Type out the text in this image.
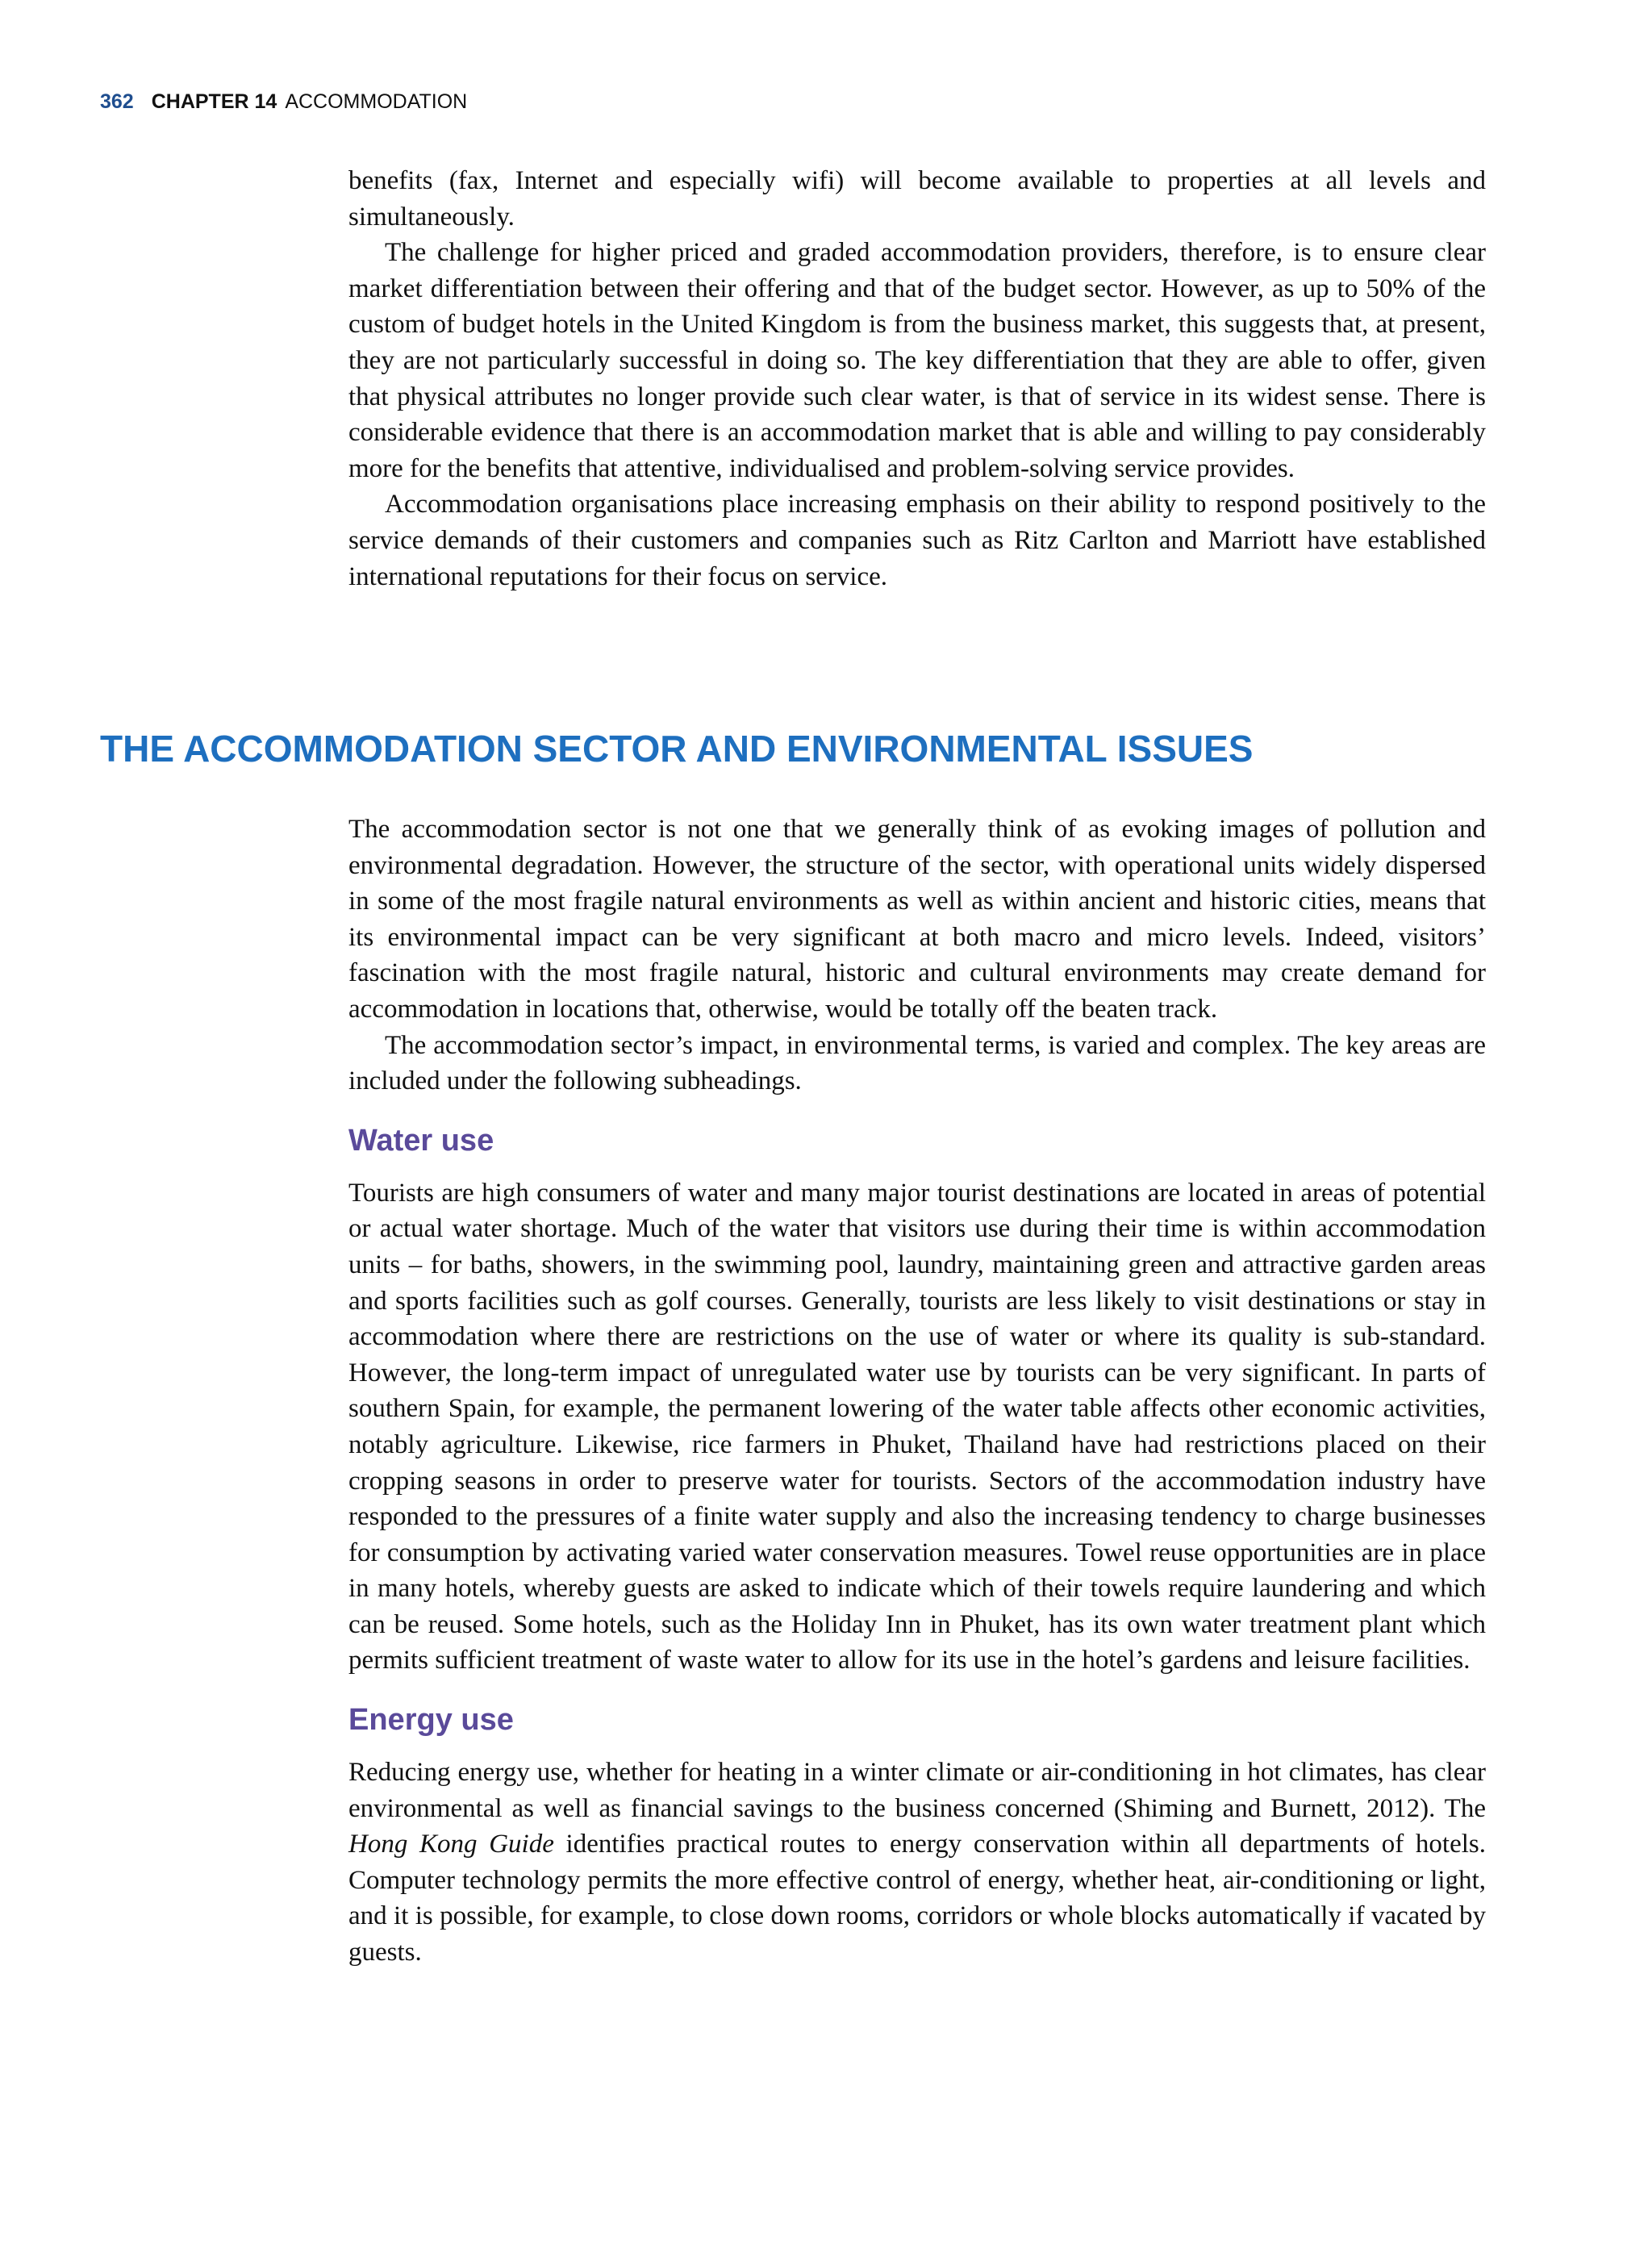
362 CHAPTER 14 ACCOMMODATION

benefits (fax, Internet and especially wifi) will become available to properties at all levels and simultaneously.

The challenge for higher priced and graded accommodation providers, therefore, is to ensure clear market differentiation between their offering and that of the budget sector. However, as up to 50% of the custom of budget hotels in the United Kingdom is from the business market, this suggests that, at present, they are not particularly successful in doing so. The key differentiation that they are able to offer, given that physical attributes no longer provide such clear water, is that of service in its widest sense. There is considerable evidence that there is an accommodation market that is able and willing to pay considerably more for the benefits that attentive, individualised and problem-solving service provides.

Accommodation organisations place increasing emphasis on their ability to respond positively to the service demands of their customers and companies such as Ritz Carlton and Marriott have established international reputations for their focus on service.

THE ACCOMMODATION SECTOR AND ENVIRONMENTAL ISSUES

The accommodation sector is not one that we generally think of as evoking images of pollution and environmental degradation. However, the structure of the sector, with operational units widely dispersed in some of the most fragile natural environments as well as within ancient and historic cities, means that its environmental impact can be very significant at both macro and micro levels. Indeed, visitors’ fascination with the most fragile natural, historic and cultural environments may create demand for accommodation in locations that, otherwise, would be totally off the beaten track.

The accommodation sector’s impact, in environmental terms, is varied and complex. The key areas are included under the following subheadings.

Water use

Tourists are high consumers of water and many major tourist destinations are located in areas of potential or actual water shortage. Much of the water that visitors use during their time is within accommodation units – for baths, showers, in the swimming pool, laundry, maintaining green and attractive garden areas and sports facilities such as golf courses. Generally, tourists are less likely to visit destinations or stay in accommodation where there are restrictions on the use of water or where its quality is sub-standard. However, the long-term impact of unregulated water use by tourists can be very significant. In parts of southern Spain, for example, the permanent lowering of the water table affects other economic activities, notably agriculture. Likewise, rice farmers in Phuket, Thailand have had restrictions placed on their cropping seasons in order to preserve water for tourists. Sectors of the accommodation industry have responded to the pressures of a finite water supply and also the increasing tendency to charge businesses for consumption by activating varied water conservation measures. Towel reuse opportunities are in place in many hotels, whereby guests are asked to indicate which of their towels require laundering and which can be reused. Some hotels, such as the Holiday Inn in Phuket, has its own water treatment plant which permits sufficient treatment of waste water to allow for its use in the hotel’s gardens and leisure facilities.

Energy use

Reducing energy use, whether for heating in a winter climate or air-conditioning in hot climates, has clear environmental as well as financial savings to the business concerned (Shiming and Burnett, 2012). The Hong Kong Guide identifies practical routes to energy conservation within all departments of hotels. Computer technology permits the more effective control of energy, whether heat, air-conditioning or light, and it is possible, for example, to close down rooms, corridors or whole blocks automatically if vacated by guests.
